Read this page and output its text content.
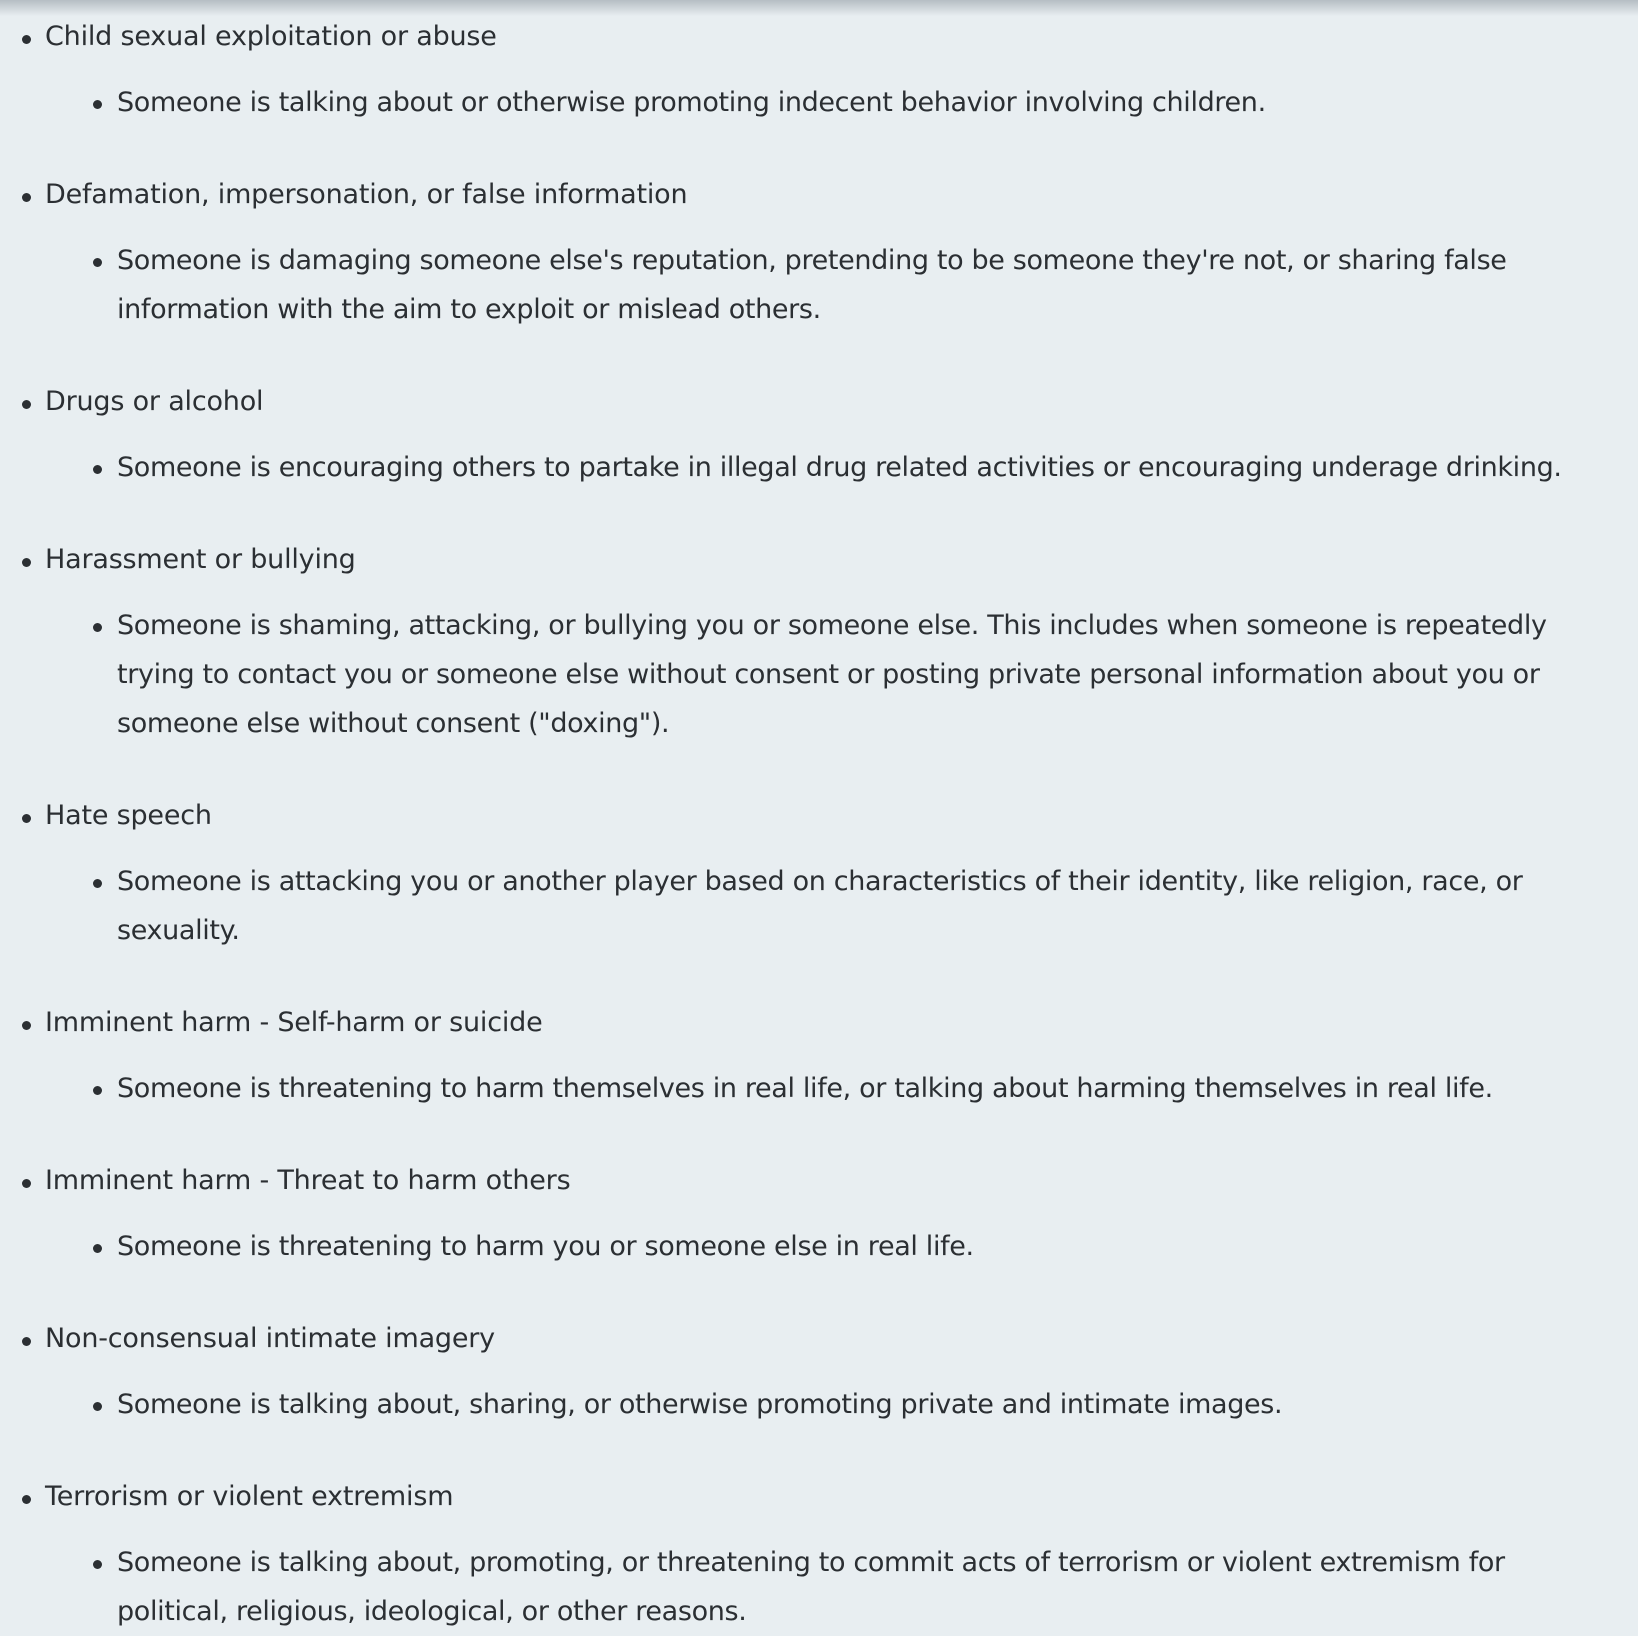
Child sexual exploitation or abuse

Someone is talking about or otherwise promoting indecent behavior involving children.

Defamation, impersonation, or false information

Someone is damaging someone else's reputation, pretending to be someone they're not, or sharing false information with the aim to exploit or mislead others.

Drugs or alcohol

Someone is encouraging others to partake in illegal drug related activities or encouraging underage drinking.

Harassment or bullying

Someone is shaming, attacking, or bullying you or someone else. This includes when someone is repeatedly trying to contact you or someone else without consent or posting private personal information about you or someone else without consent ("doxing").

Hate speech

Someone is attacking you or another player based on characteristics of their identity, like religion, race, or sexuality.

Imminent harm - Self-harm or suicide

Someone is threatening to harm themselves in real life, or talking about harming themselves in real life.

Imminent harm - Threat to harm others

Someone is threatening to harm you or someone else in real life.

Non-consensual intimate imagery

Someone is talking about, sharing, or otherwise promoting private and intimate images.

Terrorism or violent extremism

Someone is talking about, promoting, or threatening to commit acts of terrorism or violent extremism for political, religious, ideological, or other reasons.
